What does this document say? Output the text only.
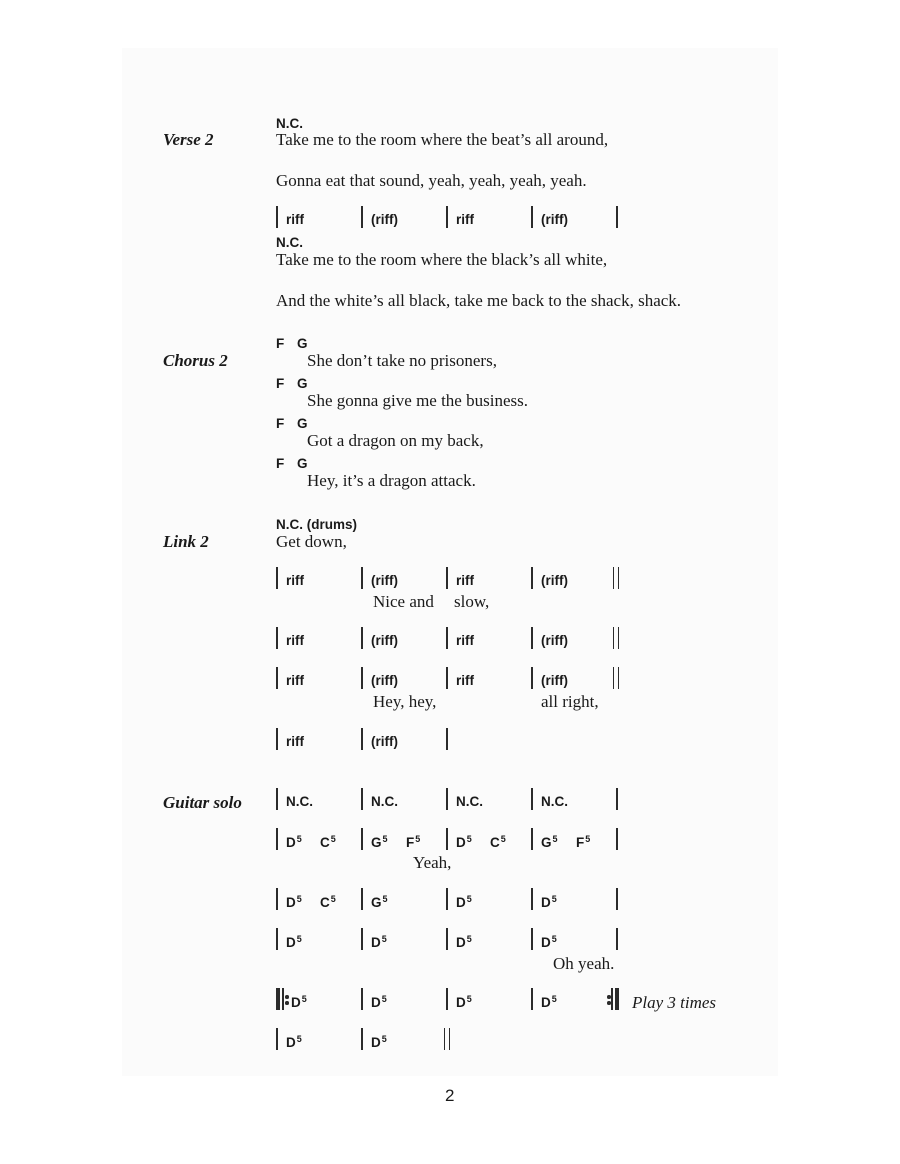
Verse 2
N.C.
Take me to the room where the beat’s all around,
Gonna eat that sound, yeah, yeah, yeah, yeah.
riff	(riff)	riff	(riff)
N.C.
Take me to the room where the black’s all white,
And the white’s all black, take me back to the shack, shack.
Chorus 2
F G
She don’t take no prisoners,
F G
She gonna give me the business.
F G
Got a dragon on my back,
F G
Hey, it’s a dragon attack.
Link 2
N.C. (drums)
Get down,
riff	(riff)	riff	(riff)
Nice and slow,
riff	(riff)	riff	(riff)
riff	(riff)	riff	(riff)
Hey, hey,	all right,
riff	(riff)
Guitar solo	N.C.	N.C.	N.C.	N.C.
$D^5$ $C^5$	$G^5$ $F^5$	$D^5$ $C^5$	$G^5$ $F^5$
Yeah,
$D^5$ $C^5$	$G^5$	$D^5$	$D^5$
$D^5$	$D^5$	$D^5$	$D^5$
Oh yeah.
$D^5$	$D^5$	$D^5$	$D^5$	Play 3 times
$D^5$	$D^5$
2
